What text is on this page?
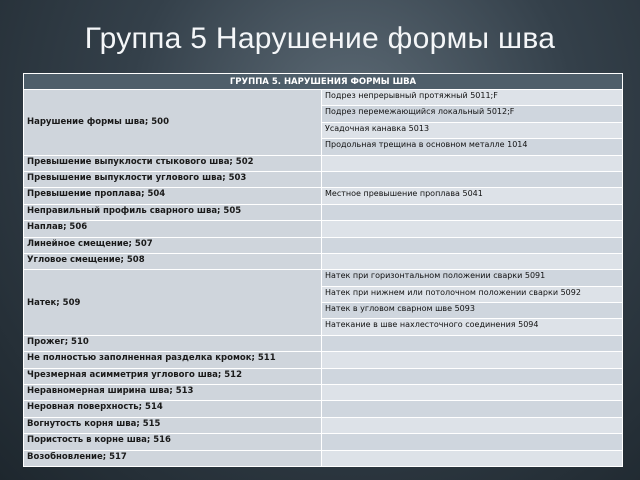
Группа 5 Нарушение формы шва
ГРУППА 5. НАРУШЕНИЯ ФОРМЫ ШВА	
Нарушение формы шва; 500	Подрез непрерывный протяжный 5011;F
	Подрез перемежающийся локальный 5012;F
	Усадочная канавка 5013
	Продольная трещина в основном металле 1014
Превышение выпуклости стыкового шва; 502	
Превышение выпуклости углового шва; 503	
Превышение проплава; 504	Местное превышение проплава 5041
Неправильный профиль сварного шва; 505	
Наплав; 506	
Линейное смещение; 507	
Угловое смещение; 508	
Натек; 509	Натек при горизонтальном положении сварки 5091
	Натек при нижнем или потолочном положении сварки 5092
	Натек в угловом сварном шве 5093
	Натекание в шве нахлесточного соединения 5094
Прожег; 510	
Не полностью заполненная разделка кромок; 511	
Чрезмерная асимметрия углового шва; 512	
Неравномерная ширина шва; 513	
Неровная поверхность; 514	
Вогнутость корня шва; 515	
Пористость в корне шва; 516	
Возобновление; 517	
